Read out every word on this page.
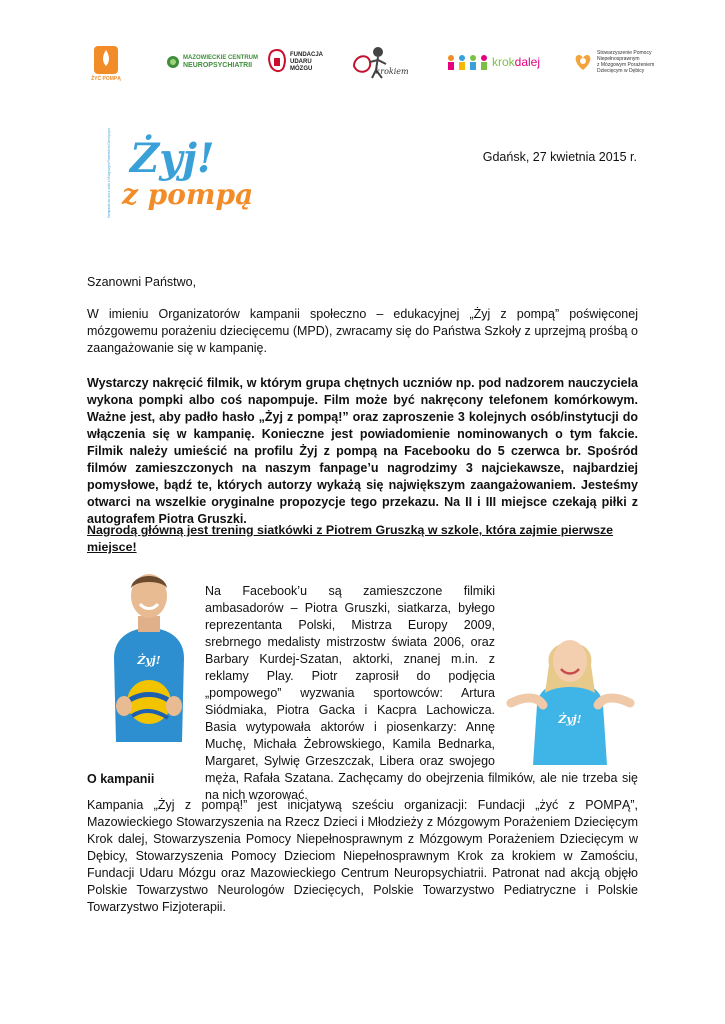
ŻYĆ POMPĄ
MAZOWIECKIE CENTRUM
NEUROPSYCHIATRII
FUNDACJA
UDARU
MÓZGU	krokiem
krokdalej
Stowarzyszenie Pomocy
Niepełnosprawnym
z Mózgowym Porażeniem
Dziecięcym w Dębicy
Żyj!
z pompą
Kampania na rzecz osób z Mózgowym Porażeniem Dziecięcym	Gdańsk, 27 kwietnia 2015 r.
Szanowni Państwo,
W imieniu Organizatorów kampanii społeczno – edukacyjnej „Żyj z pompą” poświęconej mózgowemu porażeniu dziecięcemu (MPD), zwracamy się do Państwa Szkoły z uprzejmą prośbą o zaangażowanie się w kampanię.
Wystarczy nakręcić filmik, w którym grupa chętnych uczniów np. pod nadzorem nauczyciela wykona pompki albo coś napompuje. Film może być nakręcony telefonem komórkowym. Ważne jest, aby padło hasło „Żyj z pompą!” oraz zaproszenie 3 kolejnych osób/instytucji do włączenia się w kampanię. Konieczne jest powiadomienie nominowanych o tym fakcie. Filmik należy umieścić na profilu Żyj z pompą na Facebooku do 5 czerwca br. Spośród filmów zamieszczonych na naszym fanpage’u nagrodzimy 3 najciekawsze, najbardziej pomysłowe, bądź te, których autorzy wykażą się największym zaangażowaniem. Jesteśmy otwarci na wszelkie oryginalne propozycje tego przekazu. Na II i III miejsce czekają piłki z autografem Piotra Gruszki.
Nagrodą główną jest trening siatkówki z Piotrem Gruszką w szkole, która zajmie pierwsze miejsce!
Żyj!
Żyj!
Na Facebook’u są zamieszczone filmiki ambasadorów – Piotra Gruszki, siatkarza, byłego reprezentanta Polski, Mistrza Europy 2009, srebrnego medalisty mistrzostw świata 2006, oraz Barbary Kurdej-Szatan, aktorki, znanej m.in. z reklamy Play. Piotr zaprosił do podjęcia „pompowego” wyzwania sportowców: Artura Siódmiaka, Piotra Gacka i Kacpra Lachowicza. Basia wytypowała aktorów i piosenkarzy: Annę Muchę, Michała Żebrowskiego, Kamila Bednarka, Margaret, Sylwię Grzeszczak, Libera oraz swojego męża, Rafała Szatana. Zachęcamy do obejrzenia filmików, ale nie trzeba się na nich wzorować.
O kampanii
Kampania „Żyj z pompą!” jest inicjatywą sześciu organizacji: Fundacji „żyć z POMPĄ”, Mazowieckiego Stowarzyszenia na Rzecz Dzieci i Młodzieży z Mózgowym Porażeniem Dziecięcym Krok dalej, Stowarzyszenia Pomocy Niepełnosprawnym z Mózgowym Porażeniem Dziecięcym w Dębicy, Stowarzyszenia Pomocy Dzieciom Niepełnosprawnym Krok za krokiem w Zamościu, Fundacji Udaru Mózgu oraz Mazowieckiego Centrum Neuropsychiatrii. Patronat nad akcją objęło Polskie Towarzystwo Neurologów Dziecięcych, Polskie Towarzystwo Pediatryczne i Polskie Towarzystwo Fizjoterapii.
